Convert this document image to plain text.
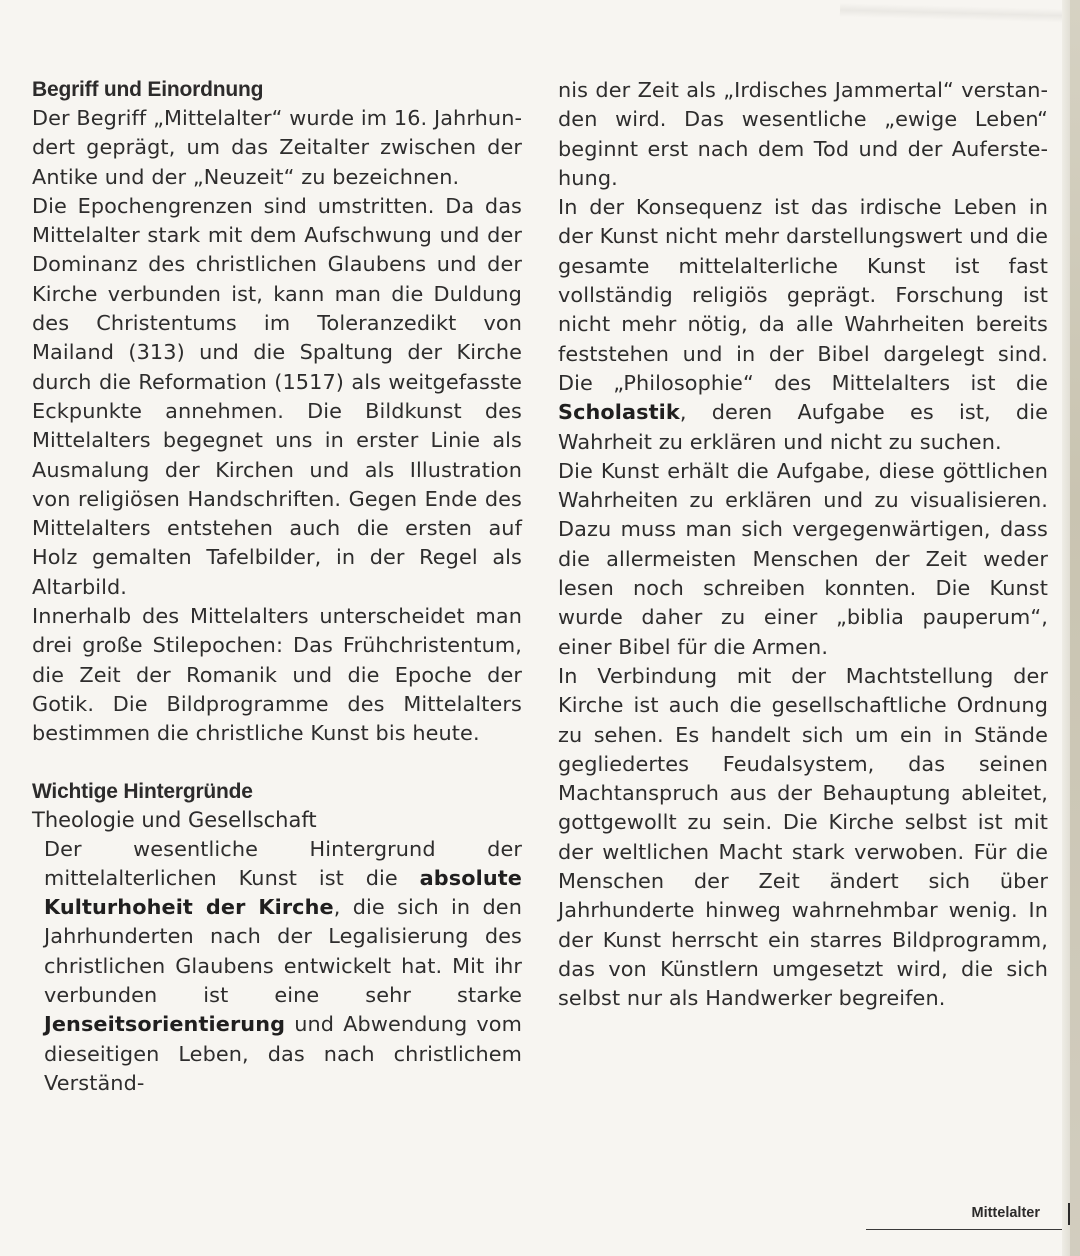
Begriff und Einordnung

Der Begriff „Mittelalter“ wurde im 16. Jahrhundert geprägt, um das Zeitalter zwischen der Antike und der „Neuzeit“ zu bezeichnen.

Die Epochengrenzen sind umstritten. Da das Mittelalter stark mit dem Aufschwung und der Dominanz des christlichen Glaubens und der Kirche verbunden ist, kann man die Duldung des Christentums im Toleranzedikt von Mailand (313) und die Spaltung der Kirche durch die Reformation (1517) als weitgefasste Eckpunkte annehmen. Die Bildkunst des Mittelalters begegnet uns in erster Linie als Ausmalung der Kirchen und als Illustration von religiösen Handschriften. Gegen Ende des Mittelalters entstehen auch die ersten auf Holz gemalten Tafelbilder, in der Regel als Altarbild.

Innerhalb des Mittelalters unterscheidet man drei große Stilepochen: Das Frühchristentum, die Zeit der Romanik und die Epoche der Gotik. Die Bildprogramme des Mittelalters bestimmen die christliche Kunst bis heute.

Wichtige Hintergründe
Theologie und Gesellschaft

Der wesentliche Hintergrund der mittelalterlichen Kunst ist die absolute Kulturhoheit der Kirche, die sich in den Jahrhunderten nach der Legalisierung des christlichen Glaubens entwickelt hat. Mit ihr verbunden ist eine sehr starke Jenseitsorientierung und Abwendung vom dieseitigen Leben, das nach christlichem Verständ-

nis der Zeit als „Irdisches Jammertal“ verstanden wird. Das wesentliche „ewige Leben“ beginnt erst nach dem Tod und der Auferstehung.

In der Konsequenz ist das irdische Leben in der Kunst nicht mehr darstellungswert und die gesamte mittelalterliche Kunst ist fast vollständig religiös geprägt. Forschung ist nicht mehr nötig, da alle Wahrheiten bereits feststehen und in der Bibel dargelegt sind. Die „Philosophie“ des Mittelalters ist die Scholastik, deren Aufgabe es ist, die Wahrheit zu erklären und nicht zu suchen.

Die Kunst erhält die Aufgabe, diese göttlichen Wahrheiten zu erklären und zu visualisieren. Dazu muss man sich vergegenwärtigen, dass die allermeisten Menschen der Zeit weder lesen noch schreiben konnten. Die Kunst wurde daher zu einer „biblia pauperum“, einer Bibel für die Armen.

In Verbindung mit der Machtstellung der Kirche ist auch die gesellschaftliche Ordnung zu sehen. Es handelt sich um ein in Stände gegliedertes Feudalsystem, das seinen Machtanspruch aus der Behauptung ableitet, gottgewollt zu sein. Die Kirche selbst ist mit der weltlichen Macht stark verwoben. Für die Menschen der Zeit ändert sich über Jahrhunderte hinweg wahrnehmbar wenig. In der Kunst herrscht ein starres Bildprogramm, das von Künstlern umgesetzt wird, die sich selbst nur als Handwerker begreifen.

Mittelalter
